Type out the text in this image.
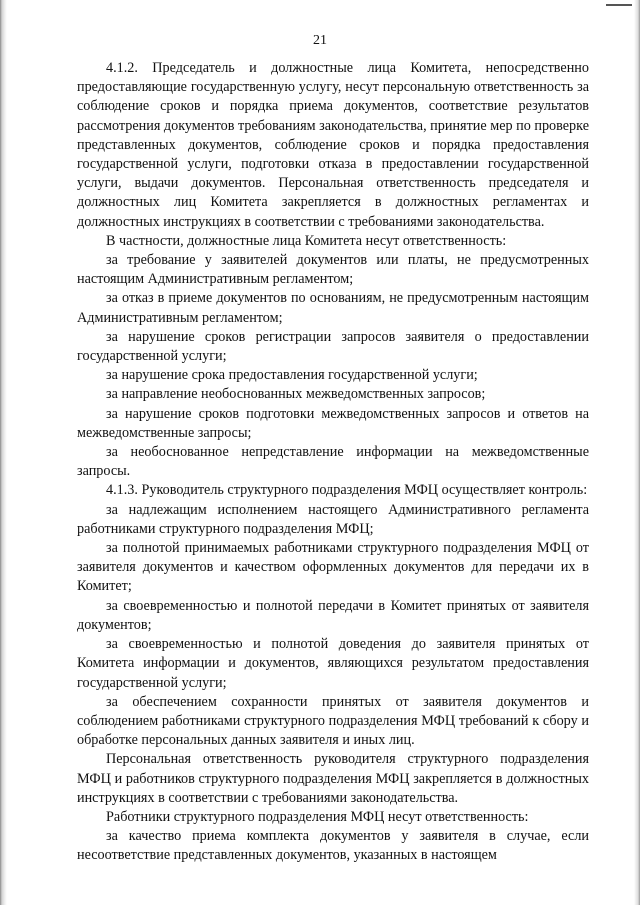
21

4.1.2. Председатель и должностные лица Комитета, непосредственно предоставляющие государственную услугу, несут персональную ответственность за соблюдение сроков и порядка приема документов, соответствие результатов рассмотрения документов требованиям законодательства, принятие мер по проверке представленных документов, соблюдение сроков и порядка предоставления государственной услуги, подготовки отказа в предоставлении государственной услуги, выдачи документов. Персональная ответственность председателя и должностных лиц Комитета закрепляется в должностных регламентах и должностных инструкциях в соответствии с требованиями законодательства.

В частности, должностные лица Комитета несут ответственность:

за требование у заявителей документов или платы, не предусмотренных настоящим Административным регламентом;

за отказ в приеме документов по основаниям, не предусмотренным настоящим Административным регламентом;

за нарушение сроков регистрации запросов заявителя о предоставлении государственной услуги;

за нарушение срока предоставления государственной услуги;

за направление необоснованных межведомственных запросов;

за нарушение сроков подготовки межведомственных запросов и ответов на межведомственные запросы;

за необоснованное непредставление информации на межведомственные запросы.

4.1.3. Руководитель структурного подразделения МФЦ осуществляет контроль:

за надлежащим исполнением настоящего Административного регламента работниками структурного подразделения МФЦ;

за полнотой принимаемых работниками структурного подразделения МФЦ от заявителя документов и качеством оформленных документов для передачи их в Комитет;

за своевременностью и полнотой передачи в Комитет принятых от заявителя документов;

за своевременностью и полнотой доведения до заявителя принятых от Комитета информации и документов, являющихся результатом предоставления государственной услуги;

за обеспечением сохранности принятых от заявителя документов и соблюдением работниками структурного подразделения МФЦ требований к сбору и обработке персональных данных заявителя и иных лиц.

Персональная ответственность руководителя структурного подразделения МФЦ и работников структурного подразделения МФЦ закрепляется в должностных инструкциях в соответствии с требованиями законодательства.

Работники структурного подразделения МФЦ несут ответственность:

за качество приема комплекта документов у заявителя в случае, если несоответствие представленных документов, указанных в настоящем
